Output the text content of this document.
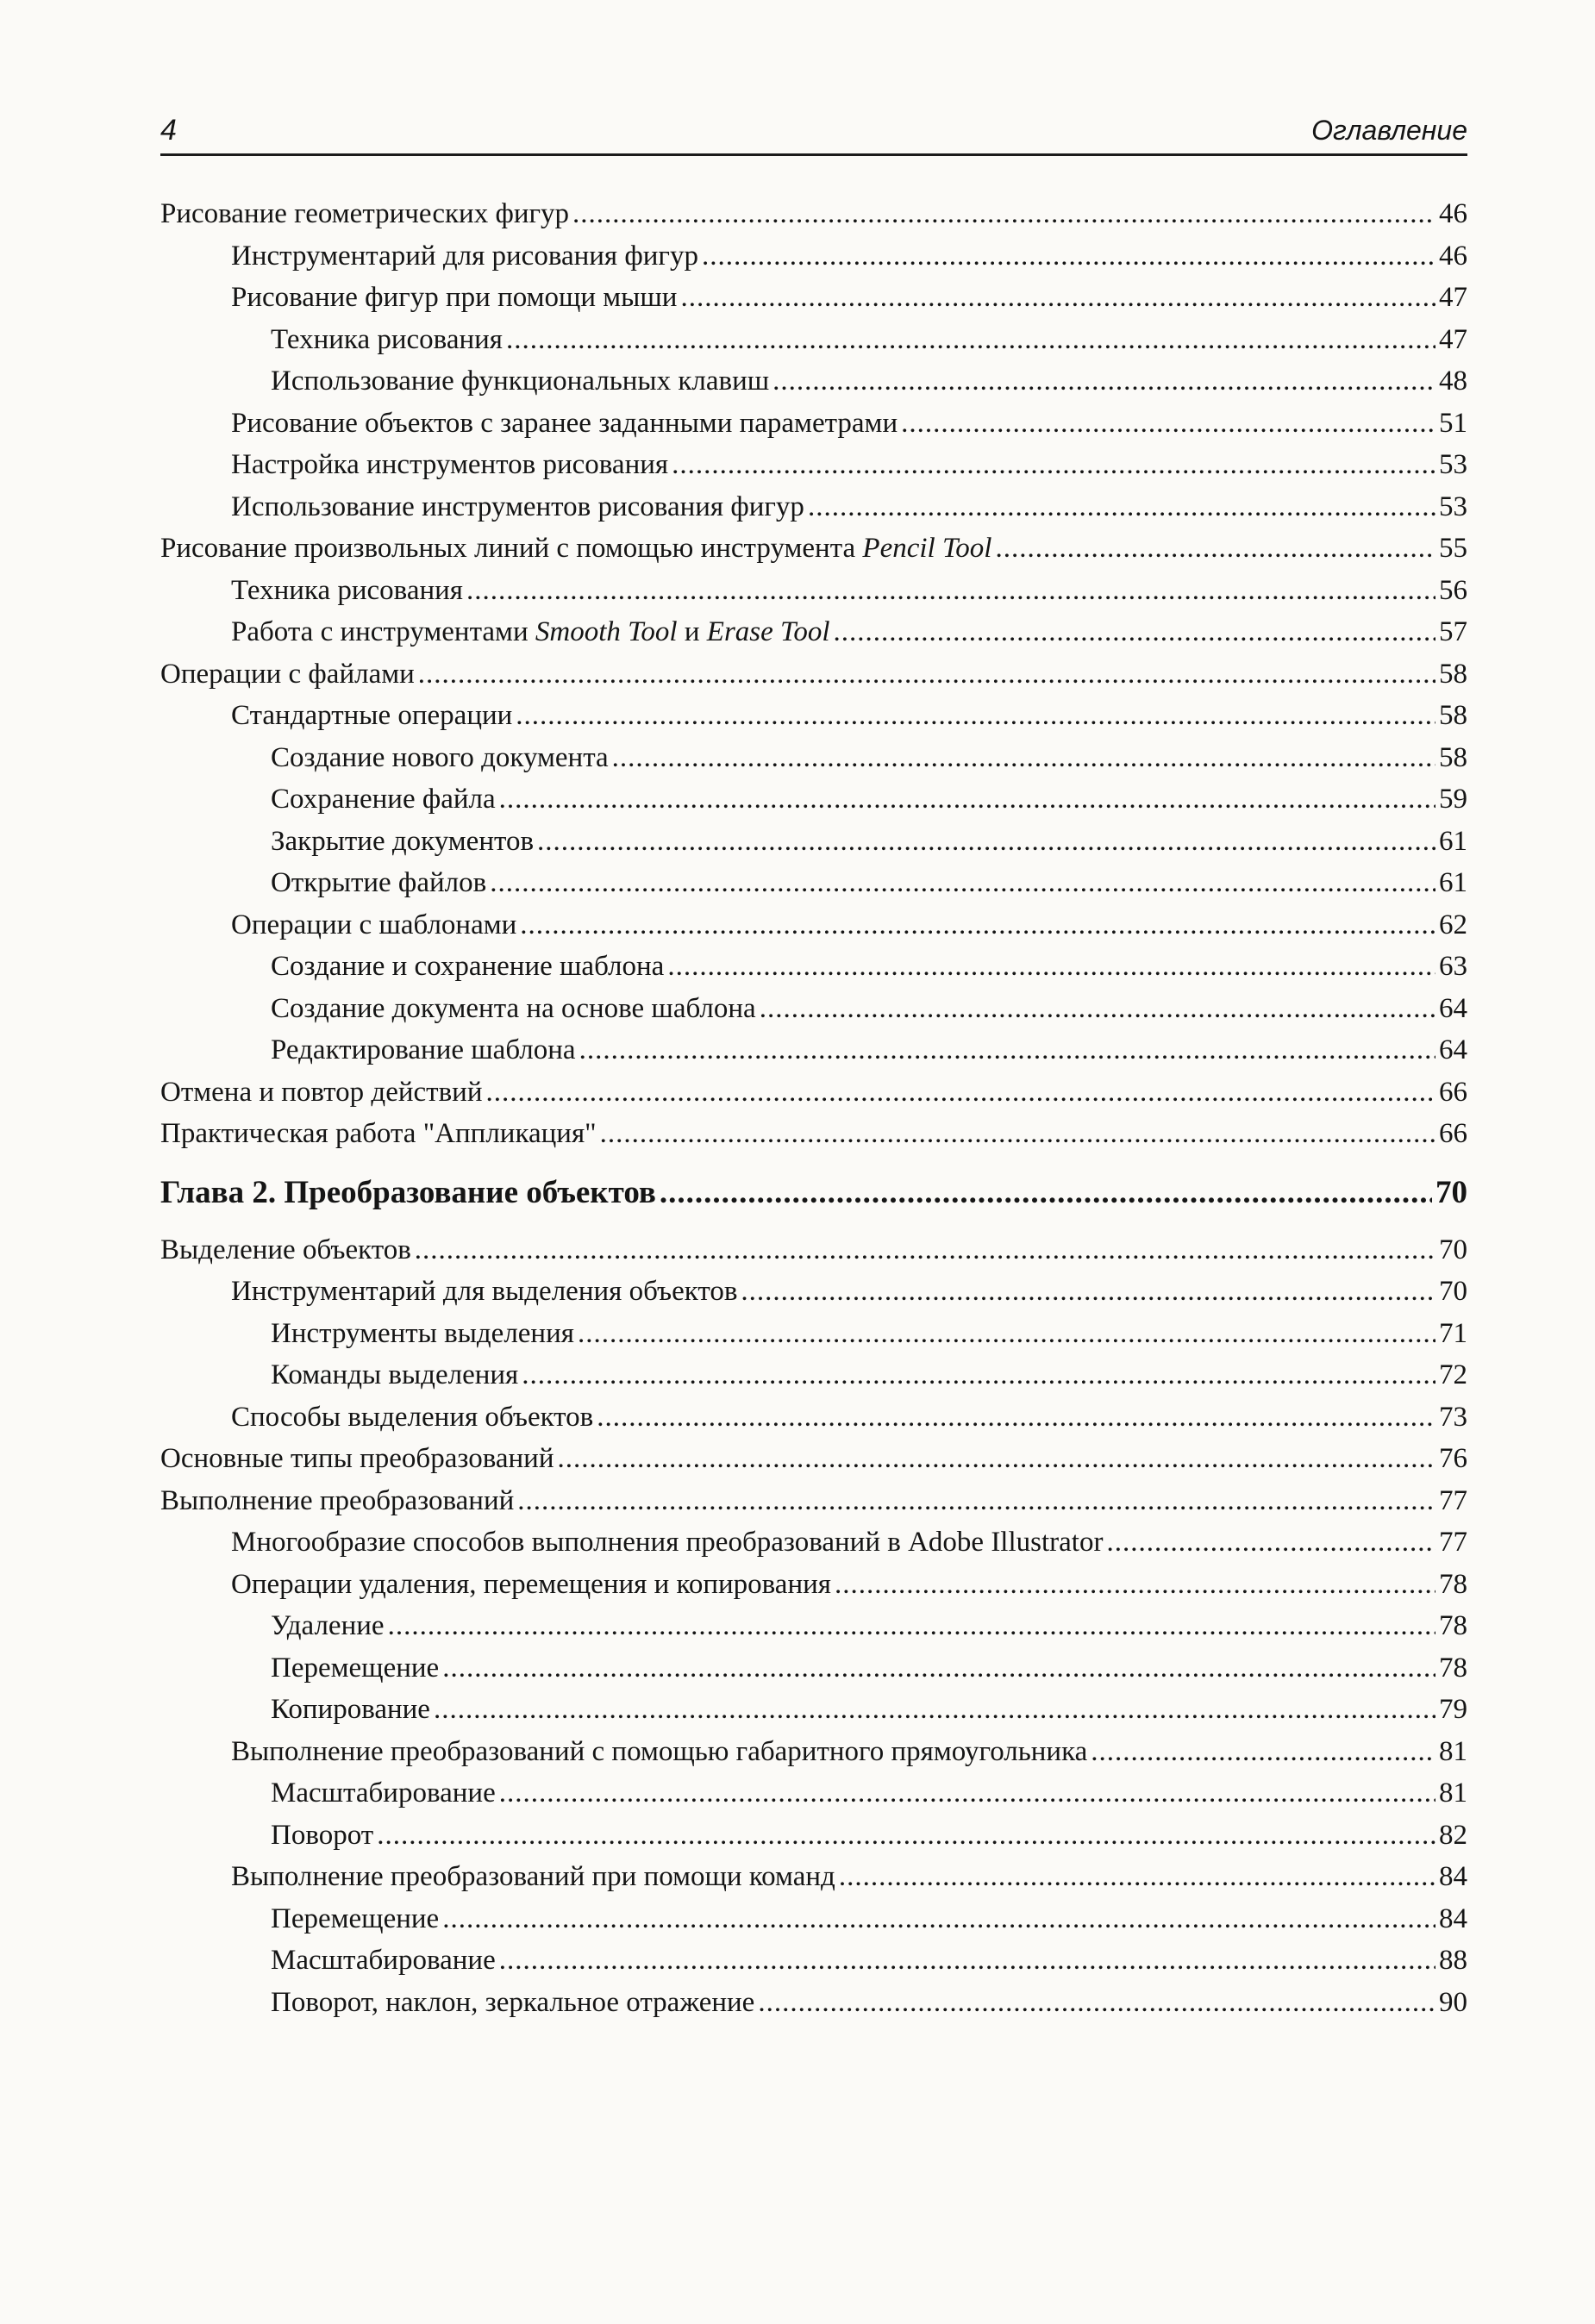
4	Оглавление
Рисование геометрических фигур .....	46
Инструментарий для рисования фигур .....	46
Рисование фигур при помощи мыши .....	47
Техника рисования .....	47
Использование функциональных клавиш .....	48
Рисование объектов с заранее заданными параметрами .....	51
Настройка инструментов рисования .....	53
Использование инструментов рисования фигур .....	53
Рисование произвольных линий с помощью инструмента Pencil Tool .....	55
Техника рисования .....	56
Работа с инструментами Smooth Tool и Erase Tool .....	57
Операции с файлами .....	58
Стандартные операции .....	58
Создание нового документа .....	58
Сохранение файла .....	59
Закрытие документов .....	61
Открытие файлов .....	61
Операции с шаблонами .....	62
Создание и сохранение шаблона .....	63
Создание документа на основе шаблона .....	64
Редактирование шаблона .....	64
Отмена и повтор действий .....	66
Практическая работа "Аппликация" .....	66
Глава 2. Преобразование объектов .....	70
Выделение объектов .....	70
Инструментарий для выделения объектов .....	70
Инструменты выделения .....	71
Команды выделения .....	72
Способы выделения объектов .....	73
Основные типы преобразований .....	76
Выполнение преобразований .....	77
Многообразие способов выполнения преобразований в Adobe Illustrator .....	77
Операции удаления, перемещения и копирования .....	78
Удаление .....	78
Перемещение .....	78
Копирование .....	79
Выполнение преобразований с помощью габаритного прямоугольника .....	81
Масштабирование .....	81
Поворот .....	82
Выполнение преобразований при помощи команд .....	84
Перемещение .....	84
Масштабирование .....	88
Поворот, наклон, зеркальное отражение .....	90
